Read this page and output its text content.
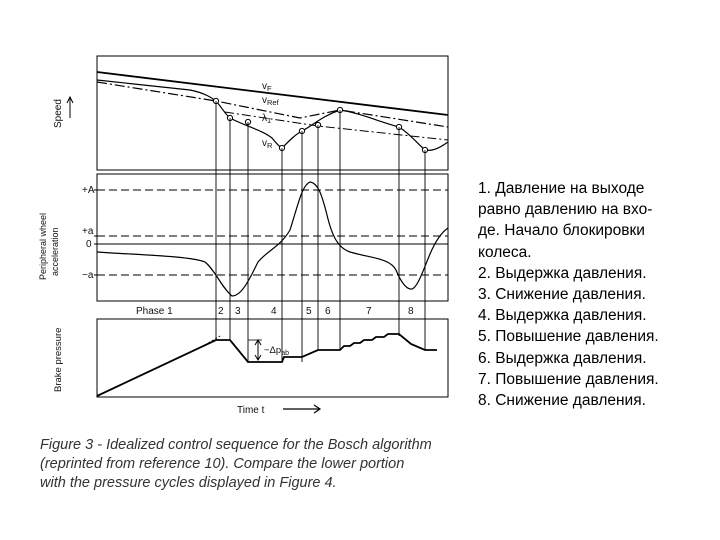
$v_F$
$v_{Ref}$
$\lambda_1$
$v_R$
Speed
+A
+a
0
−a
Peripheral wheel acceleration
Phase 1	2 3	4	5 6	7	8
$-\Delta p_{ab}$
Brake pressure
Time t
Figure 3 - Idealized control sequence for the Bosch algorithm
(reprinted from reference 10). Compare the lower portion
with the pressure cycles displayed in Figure 4.
1. Давление на выходе
равно давлению на вхо-
де. Начало блокировки
колеса.
2. Выдержка давления.
3. Снижение давления.
4. Выдержка давления.
5. Повышение давления.
6. Выдержка давления.
7. Повышение давления.
8. Снижение давления.
